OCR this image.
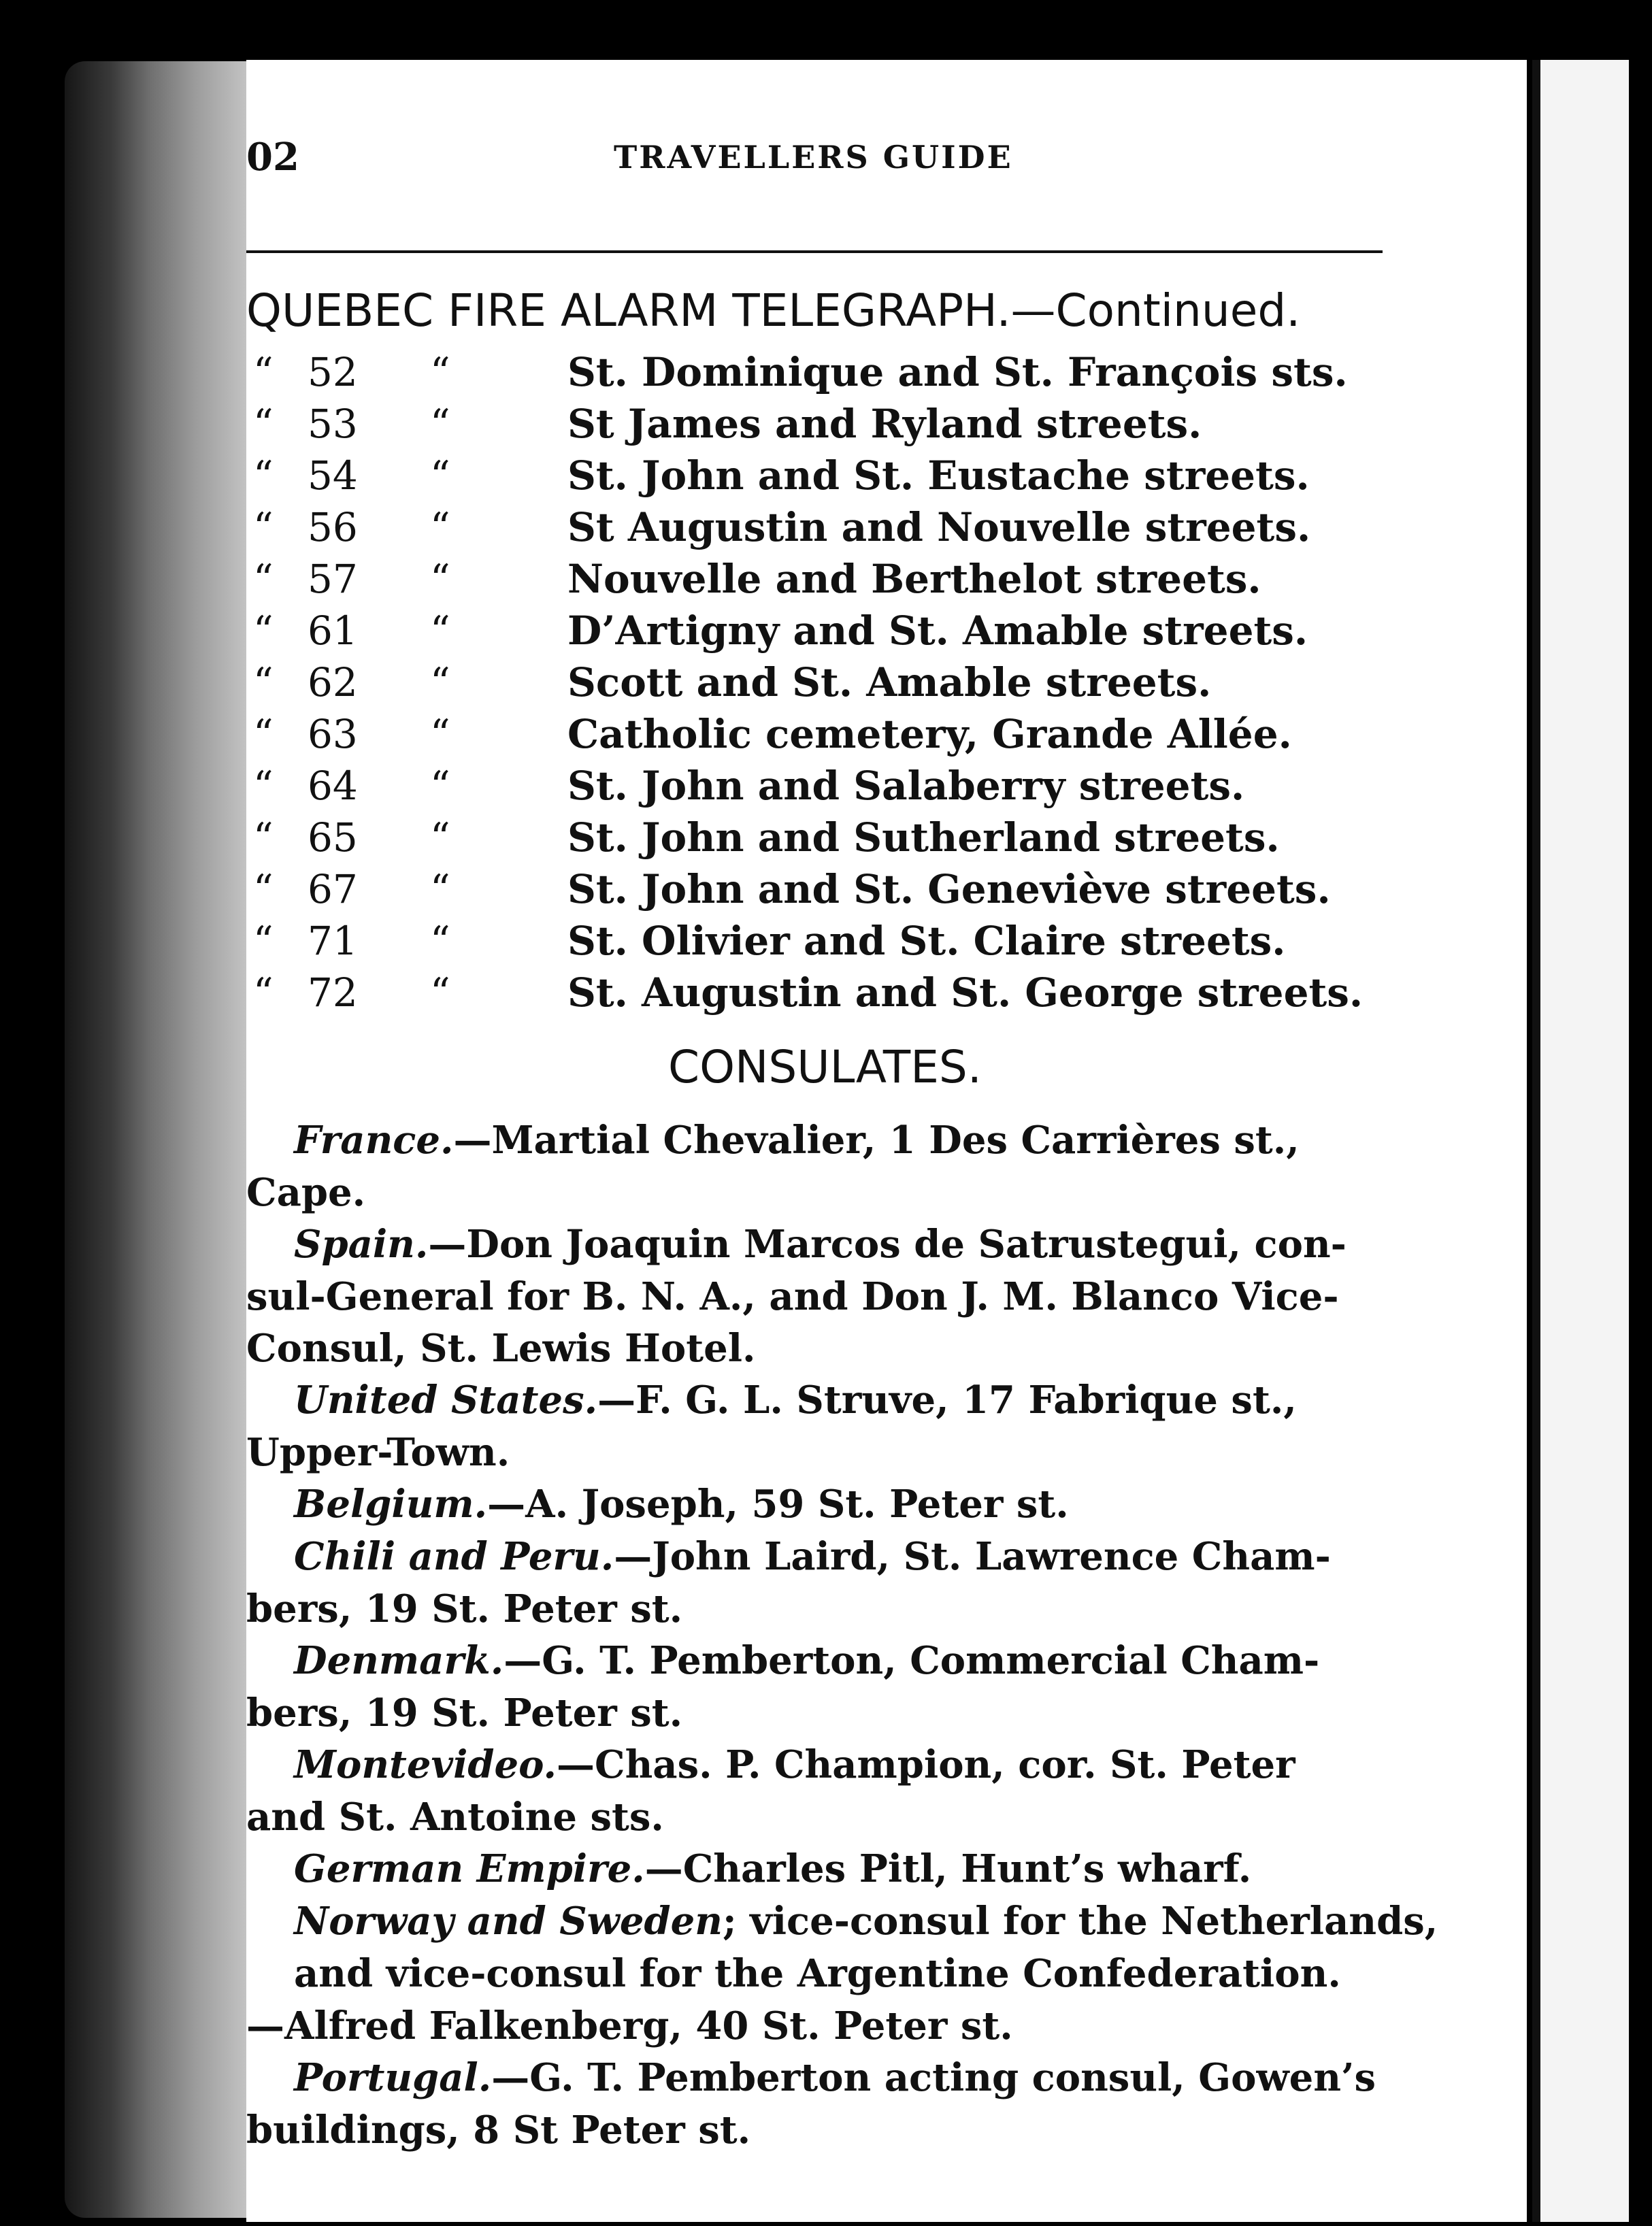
02	TRAVELLERS GUIDE
QUEBEC FIRE ALARM TELEGRAPH.—Continued.
“ 52 “	St. Dominique and St. François sts.
“ 53 “	St James and Ryland streets.
“ 54 “	St. John and St. Eustache streets.
“ 56 “	St Augustin and Nouvelle streets.
“ 57 “	Nouvelle and Berthelot streets.
“ 61 “	D’Artigny and St. Amable streets.
“ 62 “	Scott and St. Amable streets.
“ 63 “	Catholic cemetery, Grande Allée.
“ 64 “	St. John and Salaberry streets.
“ 65 “	St. John and Sutherland streets.
“ 67 “	St. John and St. Geneviève streets.
“ 71 “	St. Olivier and St. Claire streets.
“ 72 “	St. Augustin and St. George streets.
CONSULATES.

France.—Martial Chevalier, 1 Des Carrières st.,

Cape.

Spain.—Don Joaquin Marcos de Satrustegui, con-

sul-General for B. N. A., and Don J. M. Blanco Vice-

Consul, St. Lewis Hotel.

United States.—F. G. L. Struve, 17 Fabrique st.,

Upper-Town.

Belgium.—A. Joseph, 59 St. Peter st.

Chili and Peru.—John Laird, St. Lawrence Cham-

bers, 19 St. Peter st.

Denmark.—G. T. Pemberton, Commercial Cham-

bers, 19 St. Peter st.

Montevideo.—Chas. P. Champion, cor. St. Peter

and St. Antoine sts.

German Empire.—Charles Pitl, Hunt’s wharf.

Norway and Sweden; vice-consul for the Netherlands, and vice-consul for the Argentine Confederation.

—Alfred Falkenberg, 40 St. Peter st.

Portugal.—G. T. Pemberton acting consul, Gowen’s

buildings, 8 St Peter st.
